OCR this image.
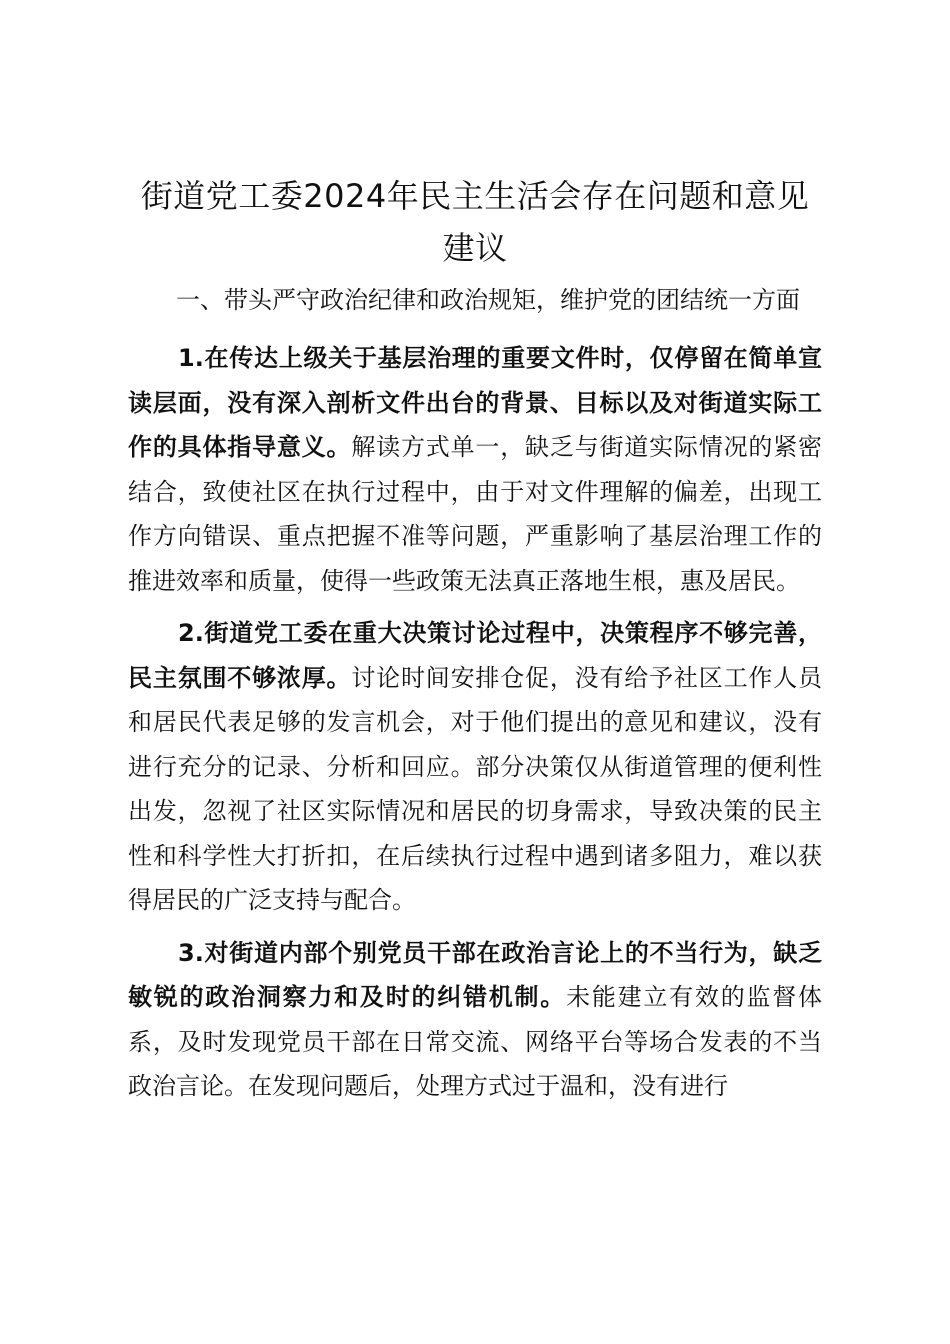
街道党工委2024年民主生活会存在问题和意见建议

一、带头严守政治纪律和政治规矩，维护党的团结统一方面

1.在传达上级关于基层治理的重要文件时，仅停留在简单宣读层面，没有深入剖析文件出台的背景、目标以及对街道实际工作的具体指导意义。解读方式单一，缺乏与街道实际情况的紧密结合，致使社区在执行过程中，由于对文件理解的偏差，出现工作方向错误、重点把握不准等问题，严重影响了基层治理工作的推进效率和质量，使得一些政策无法真正落地生根，惠及居民。

2.街道党工委在重大决策讨论过程中，决策程序不够完善，民主氛围不够浓厚。讨论时间安排仓促，没有给予社区工作人员和居民代表足够的发言机会，对于他们提出的意见和建议，没有进行充分的记录、分析和回应。部分决策仅从街道管理的便利性出发，忽视了社区实际情况和居民的切身需求，导致决策的民主性和科学性大打折扣，在后续执行过程中遇到诸多阻力，难以获得居民的广泛支持与配合。

3.对街道内部个别党员干部在政治言论上的不当行为，缺乏敏锐的政治洞察力和及时的纠错机制。未能建立有效的监督体系，及时发现党员干部在日常交流、网络平台等场合发表的不当政治言论。在发现问题后，处理方式过于温和，没有进行
